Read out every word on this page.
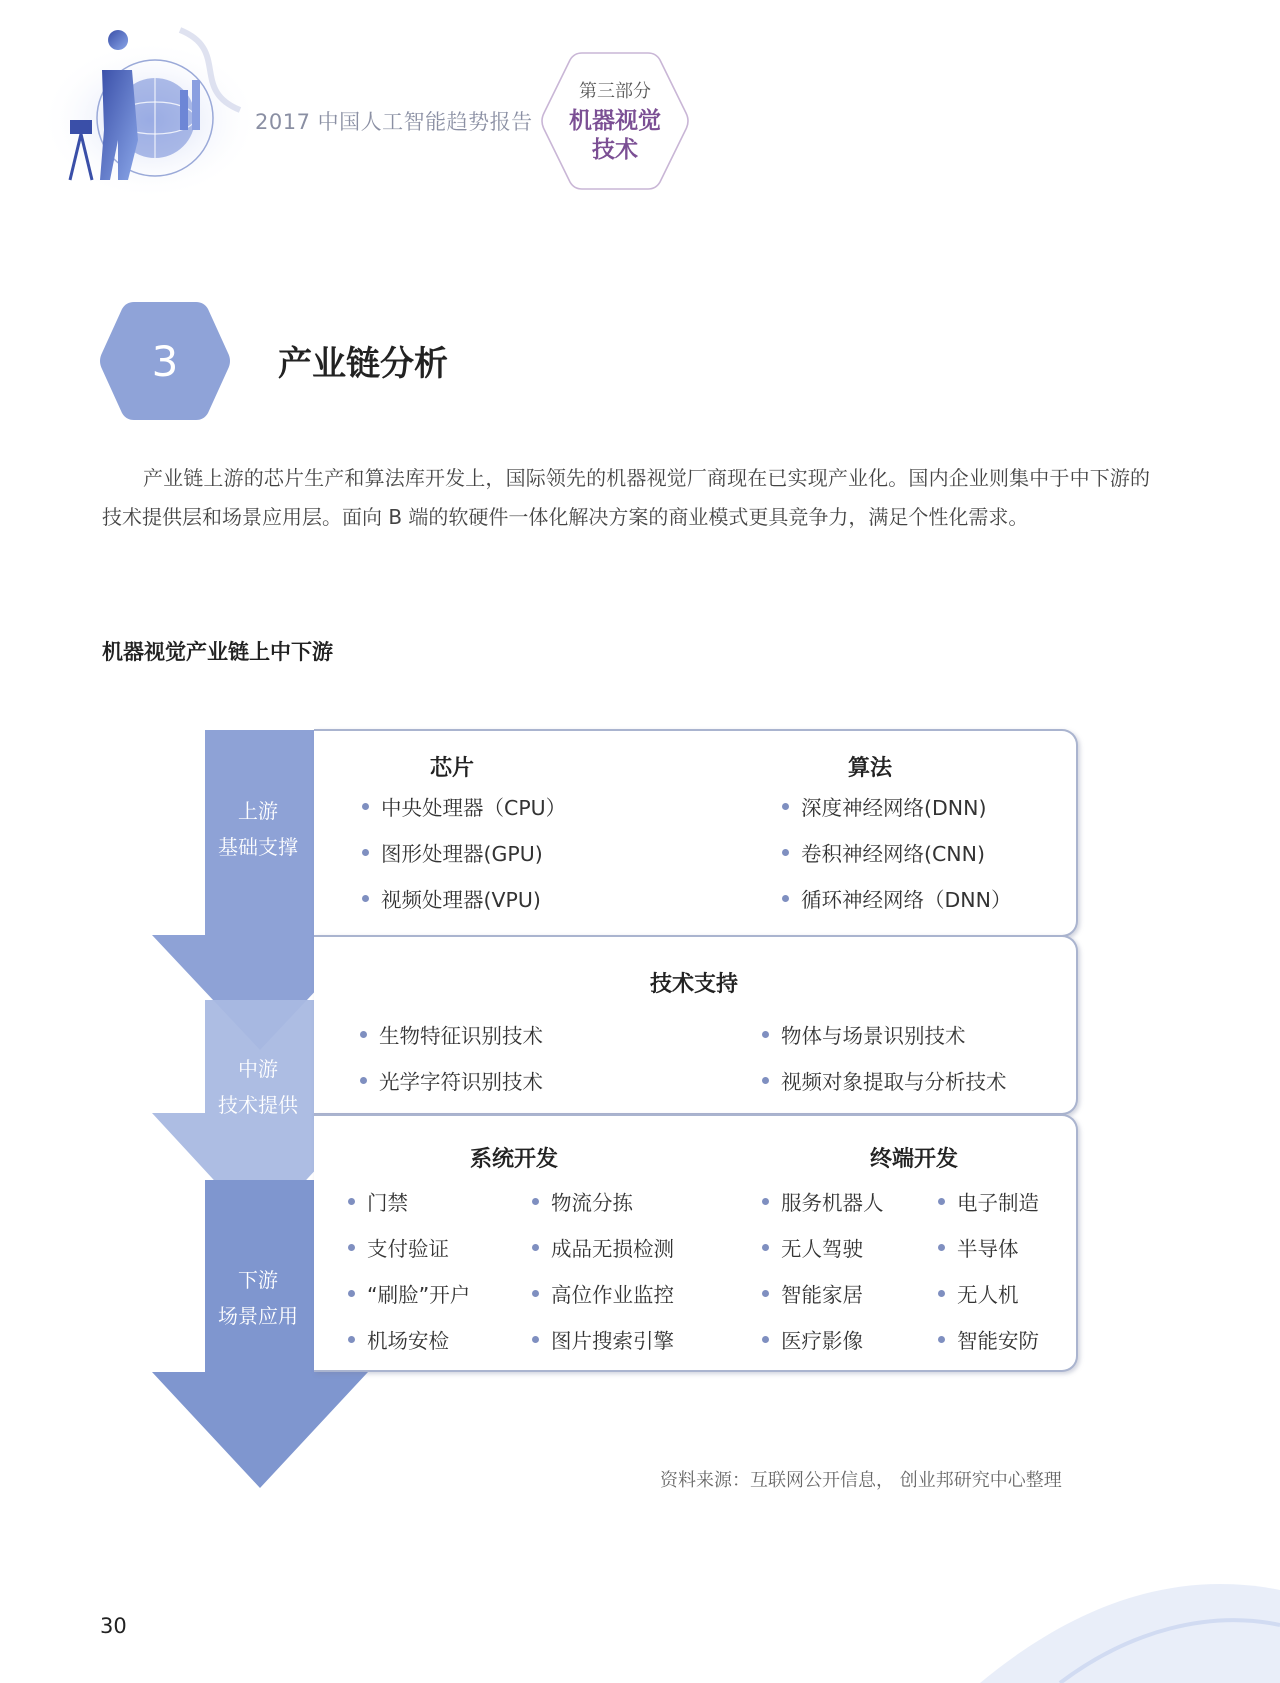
2017 中国人工智能趋势报告
第三部分
机器视觉
技术
3	产业链分析
产业链上游的芯片生产和算法库开发上，国际领先的机器视觉厂商现在已实现产业化。国内企业则集中于中下游的技术提供层和场景应用层。面向 B 端的软硬件一体化解决方案的商业模式更具竞争力，满足个性化需求。
机器视觉产业链上中下游
上游
基础支撑
中游
技术提供
下游
场景应用
芯片
中央处理器（CPU）
图形处理器(GPU)
视频处理器(VPU)
算法
深度神经网络(DNN)
卷积神经网络(CNN)
循环神经网络（DNN）
技术支持
生物特征识别技术
光学字符识别技术
物体与场景识别技术
视频对象提取与分析技术
系统开发
门禁
支付验证
“刷脸”开户
机场安检
物流分拣
成品无损检测
高位作业监控
图片搜索引擎
终端开发
服务机器人
无人驾驶
智能家居
医疗影像
电子制造
半导体
无人机
智能安防
资料来源：互联网公开信息， 创业邦研究中心整理
30
